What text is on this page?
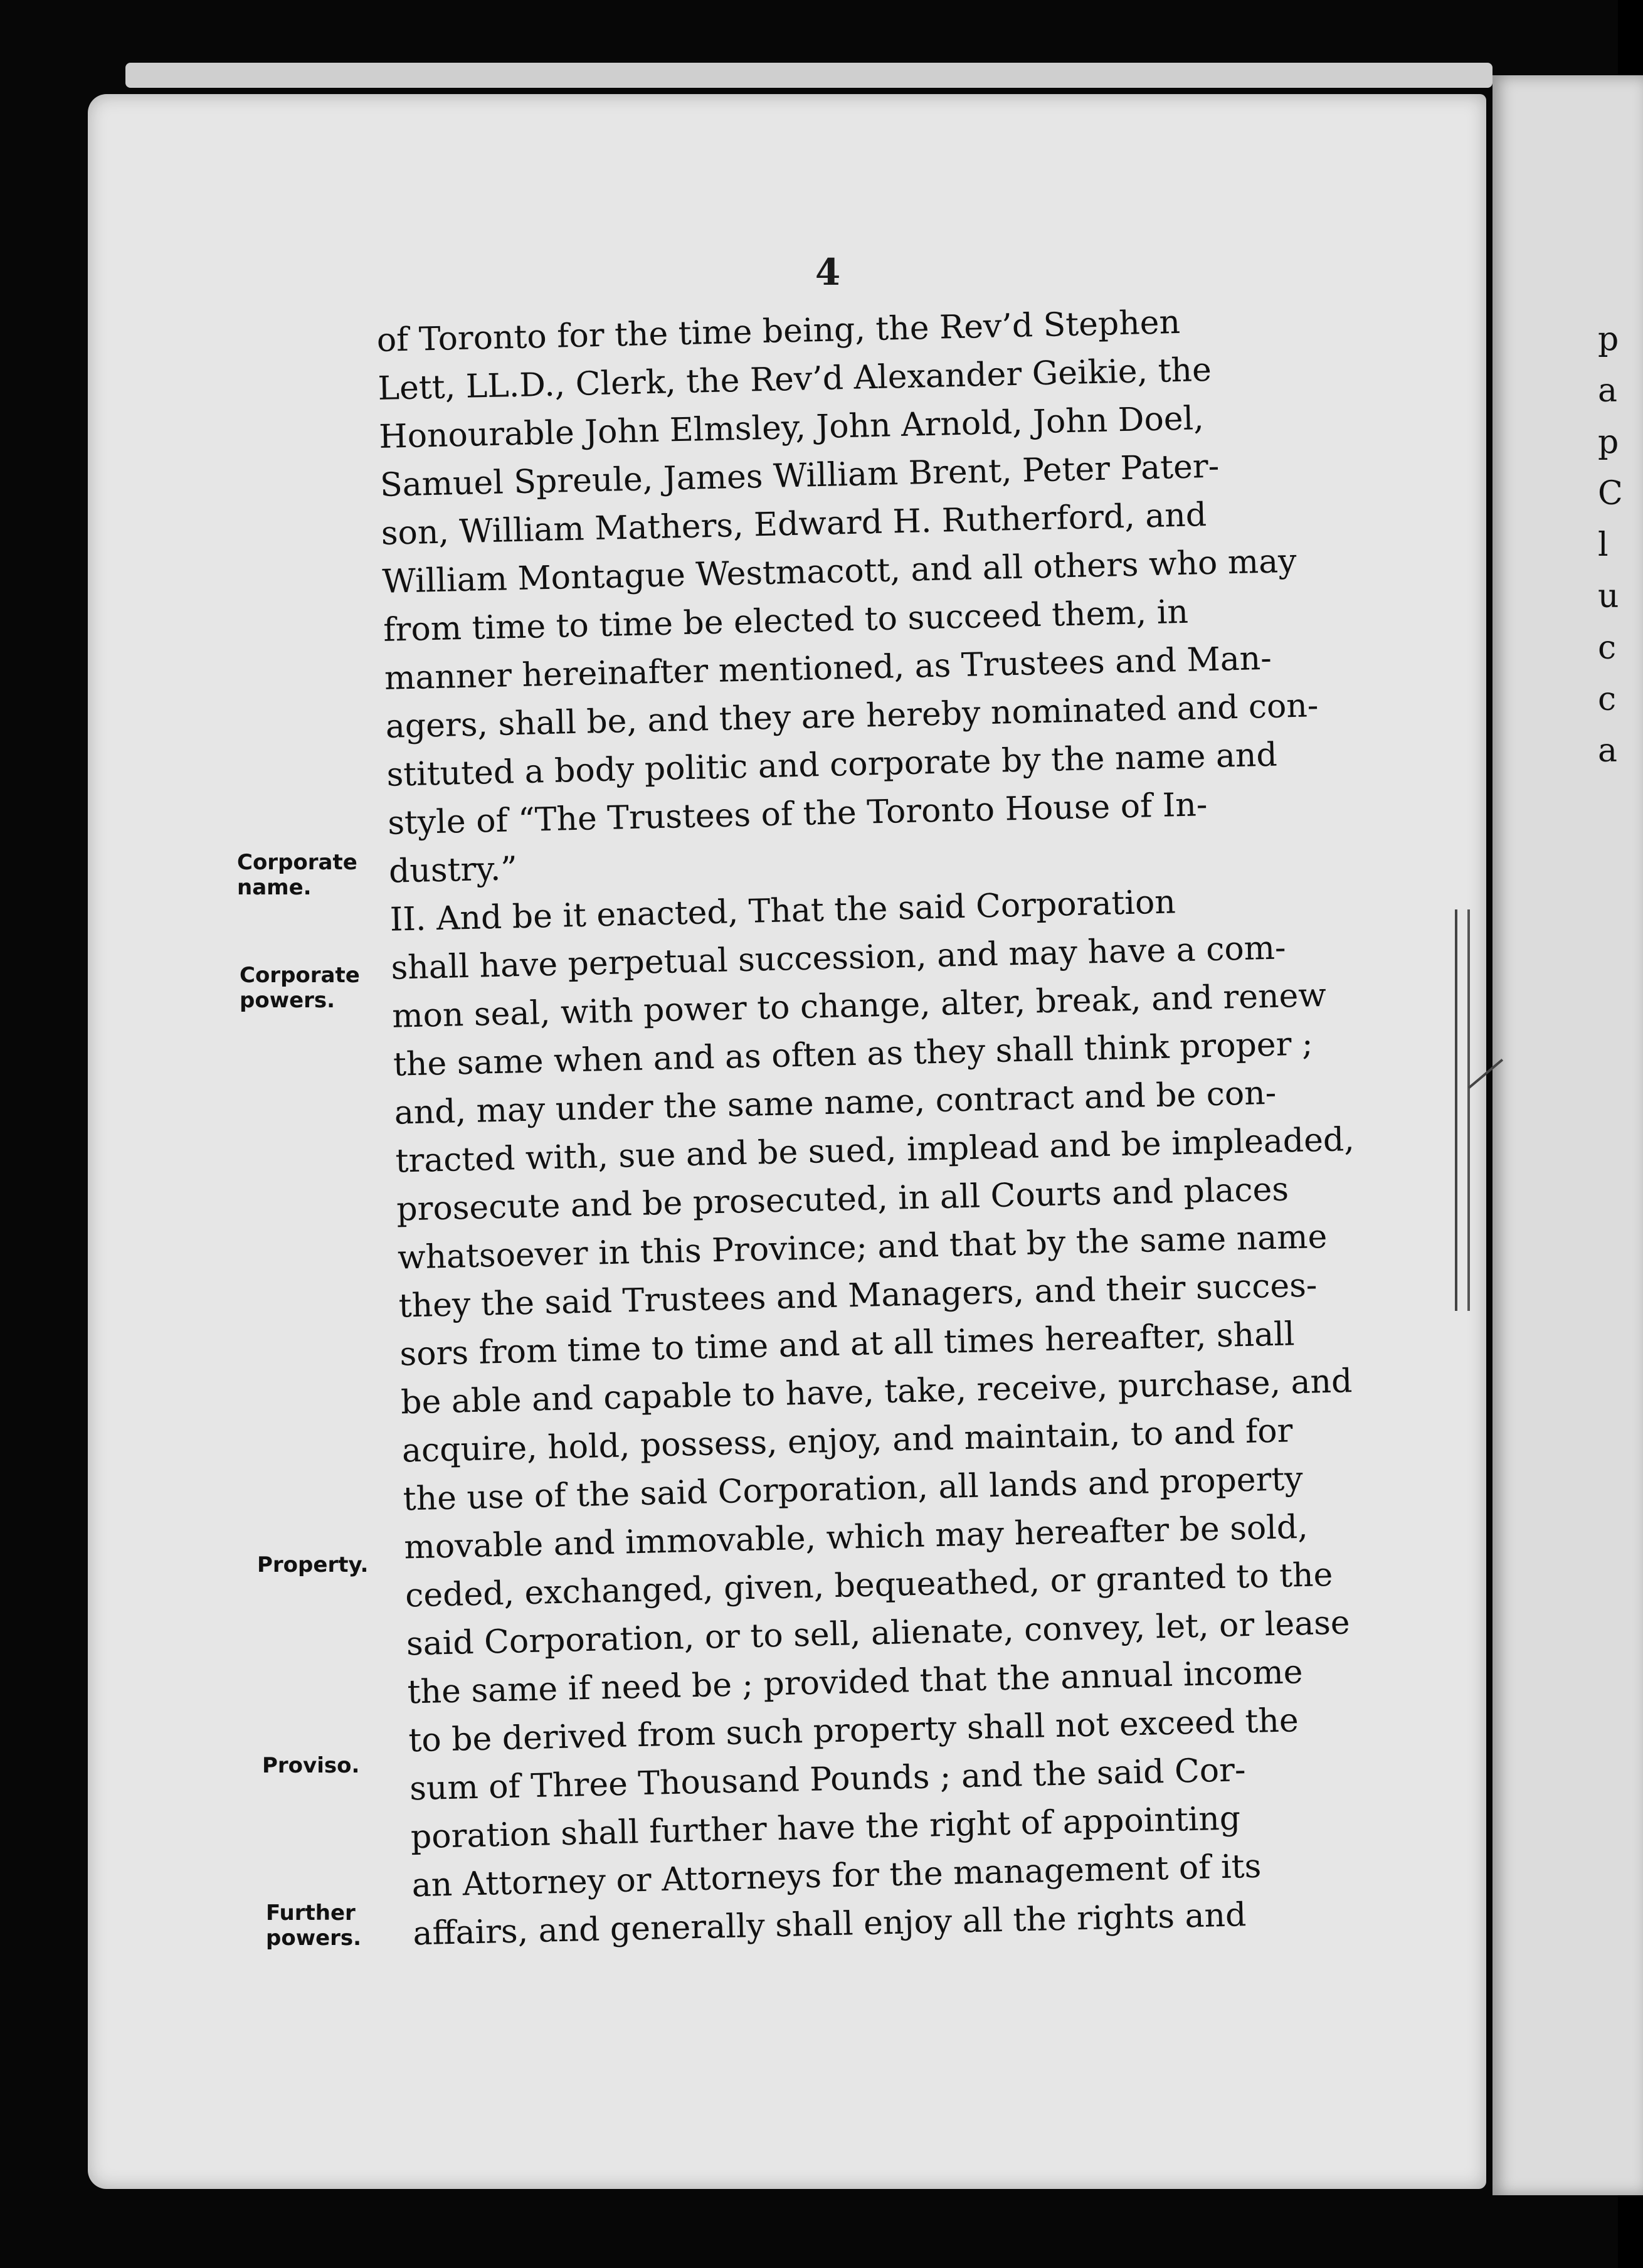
4
of Toronto for the time being, the Rev’d Stephen
Lett, LL.D., Clerk, the Rev’d Alexander Geikie, the
Honourable John Elmsley, John Arnold, John Doel,
Samuel Spreule, James William Brent, Peter Pater-
son, William Mathers, Edward H. Rutherford, and
William Montague Westmacott, and all others who may
from time to time be elected to succeed them, in
manner hereinafter mentioned, as Trustees and Man-
agers, shall be, and they are hereby nominated and con-
stituted a body politic and corporate by the name and
style of “The Trustees of the Toronto House of In-
dustry.”
II. And be it enacted, That the said Corporation
shall have perpetual succession, and may have a com-
mon seal, with power to change, alter, break, and renew
the same when and as often as they shall think proper ;
and, may under the same name, contract and be con-
tracted with, sue and be sued, implead and be impleaded,
prosecute and be prosecuted, in all Courts and places
whatsoever in this Province; and that by the same name
they the said Trustees and Managers, and their succes-
sors from time to time and at all times hereafter, shall
be able and capable to have, take, receive, purchase, and
acquire, hold, possess, enjoy, and maintain, to and for
the use of the said Corporation, all lands and property
movable and immovable, which may hereafter be sold,
ceded, exchanged, given, bequeathed, or granted to the
said Corporation, or to sell, alienate, convey, let, or lease
the same if need be ; provided that the annual income
to be derived from such property shall not exceed the
sum of Three Thousand Pounds ; and the said Cor-
poration shall further have the right of appointing
an Attorney or Attorneys for the management of its
affairs, and generally shall enjoy all the rights and
Corporate
name.
Corporate
powers.
Property.
Proviso.
Further
powers.
p
a
p
C
l
u
c
c
a
